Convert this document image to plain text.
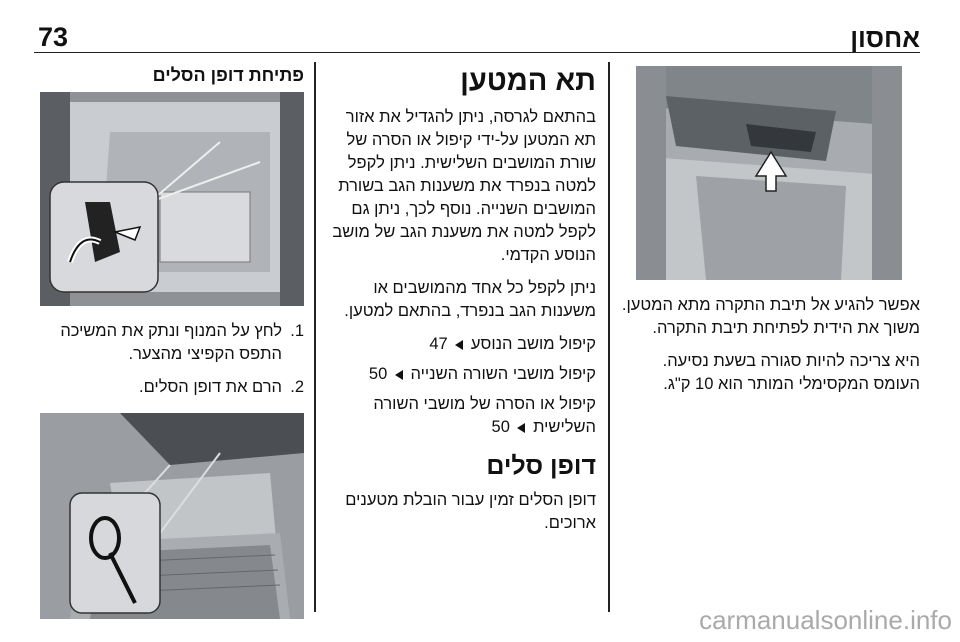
73	אחסון

אפשר להגיע אל תיבת התקרה מתא המטען. משוך את הידית לפתיחת תיבת התקרה.

היא צריכה להיות סגורה בשעת נסיעה. העומס המקסימלי המותר הוא 10 ק"ג.

תא המטען

בהתאם לגרסה, ניתן להגדיל את אזור תא המטען על-ידי קיפול או הסרה של שורת המושבים השלישית. ניתן לקפל למטה בנפרד את משענות הגב בשורת המושבים השנייה. נוסף לכך, ניתן גם לקפל למטה את משענת הגב של מושב הנוסע הקדמי.

ניתן לקפל כל אחד מהמושבים או משענות הגב בנפרד, בהתאם למטען.

קיפול מושב הנוסע  47
קיפול מושבי השורה השנייה  50
קיפול או הסרה של מושבי השורה השלישית  50
דופן סלים

דופן הסלים זמין עבור הובלת מטענים ארוכים.

פתיחת דופן הסלים
1.
לחץ על המנוף ונתק את המשיכה התפס הקפיצי מהצער.
2.
הרם את דופן הסלים.
carmanualsonline.info
